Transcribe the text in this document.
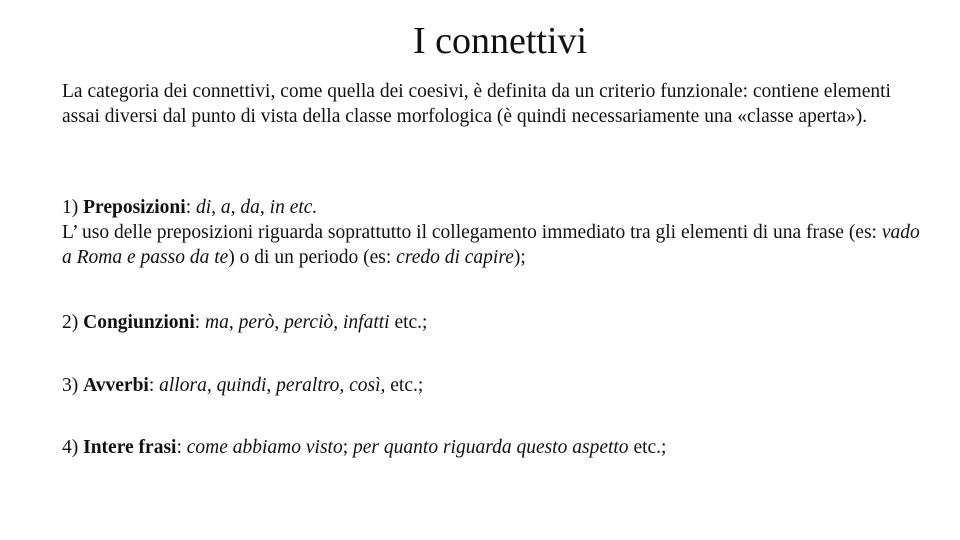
I connettivi

La categoria dei connettivi, come quella dei coesivi, è definita da un criterio funzionale: contiene elementi assai diversi dal punto di vista della classe morfologica (è quindi necessariamente una «classe aperta»).

1) Preposizioni: di, a, da, in etc.

L’ uso delle preposizioni riguarda soprattutto il collegamento immediato tra gli elementi di una frase (es: vado a Roma e passo da te) o di un periodo (es: credo di capire);

2) Congiunzioni: ma, però, perciò, infatti etc.;

3) Avverbi: allora, quindi, peraltro, così, etc.;

4) Intere frasi: come abbiamo visto; per quanto riguarda questo aspetto etc.;
